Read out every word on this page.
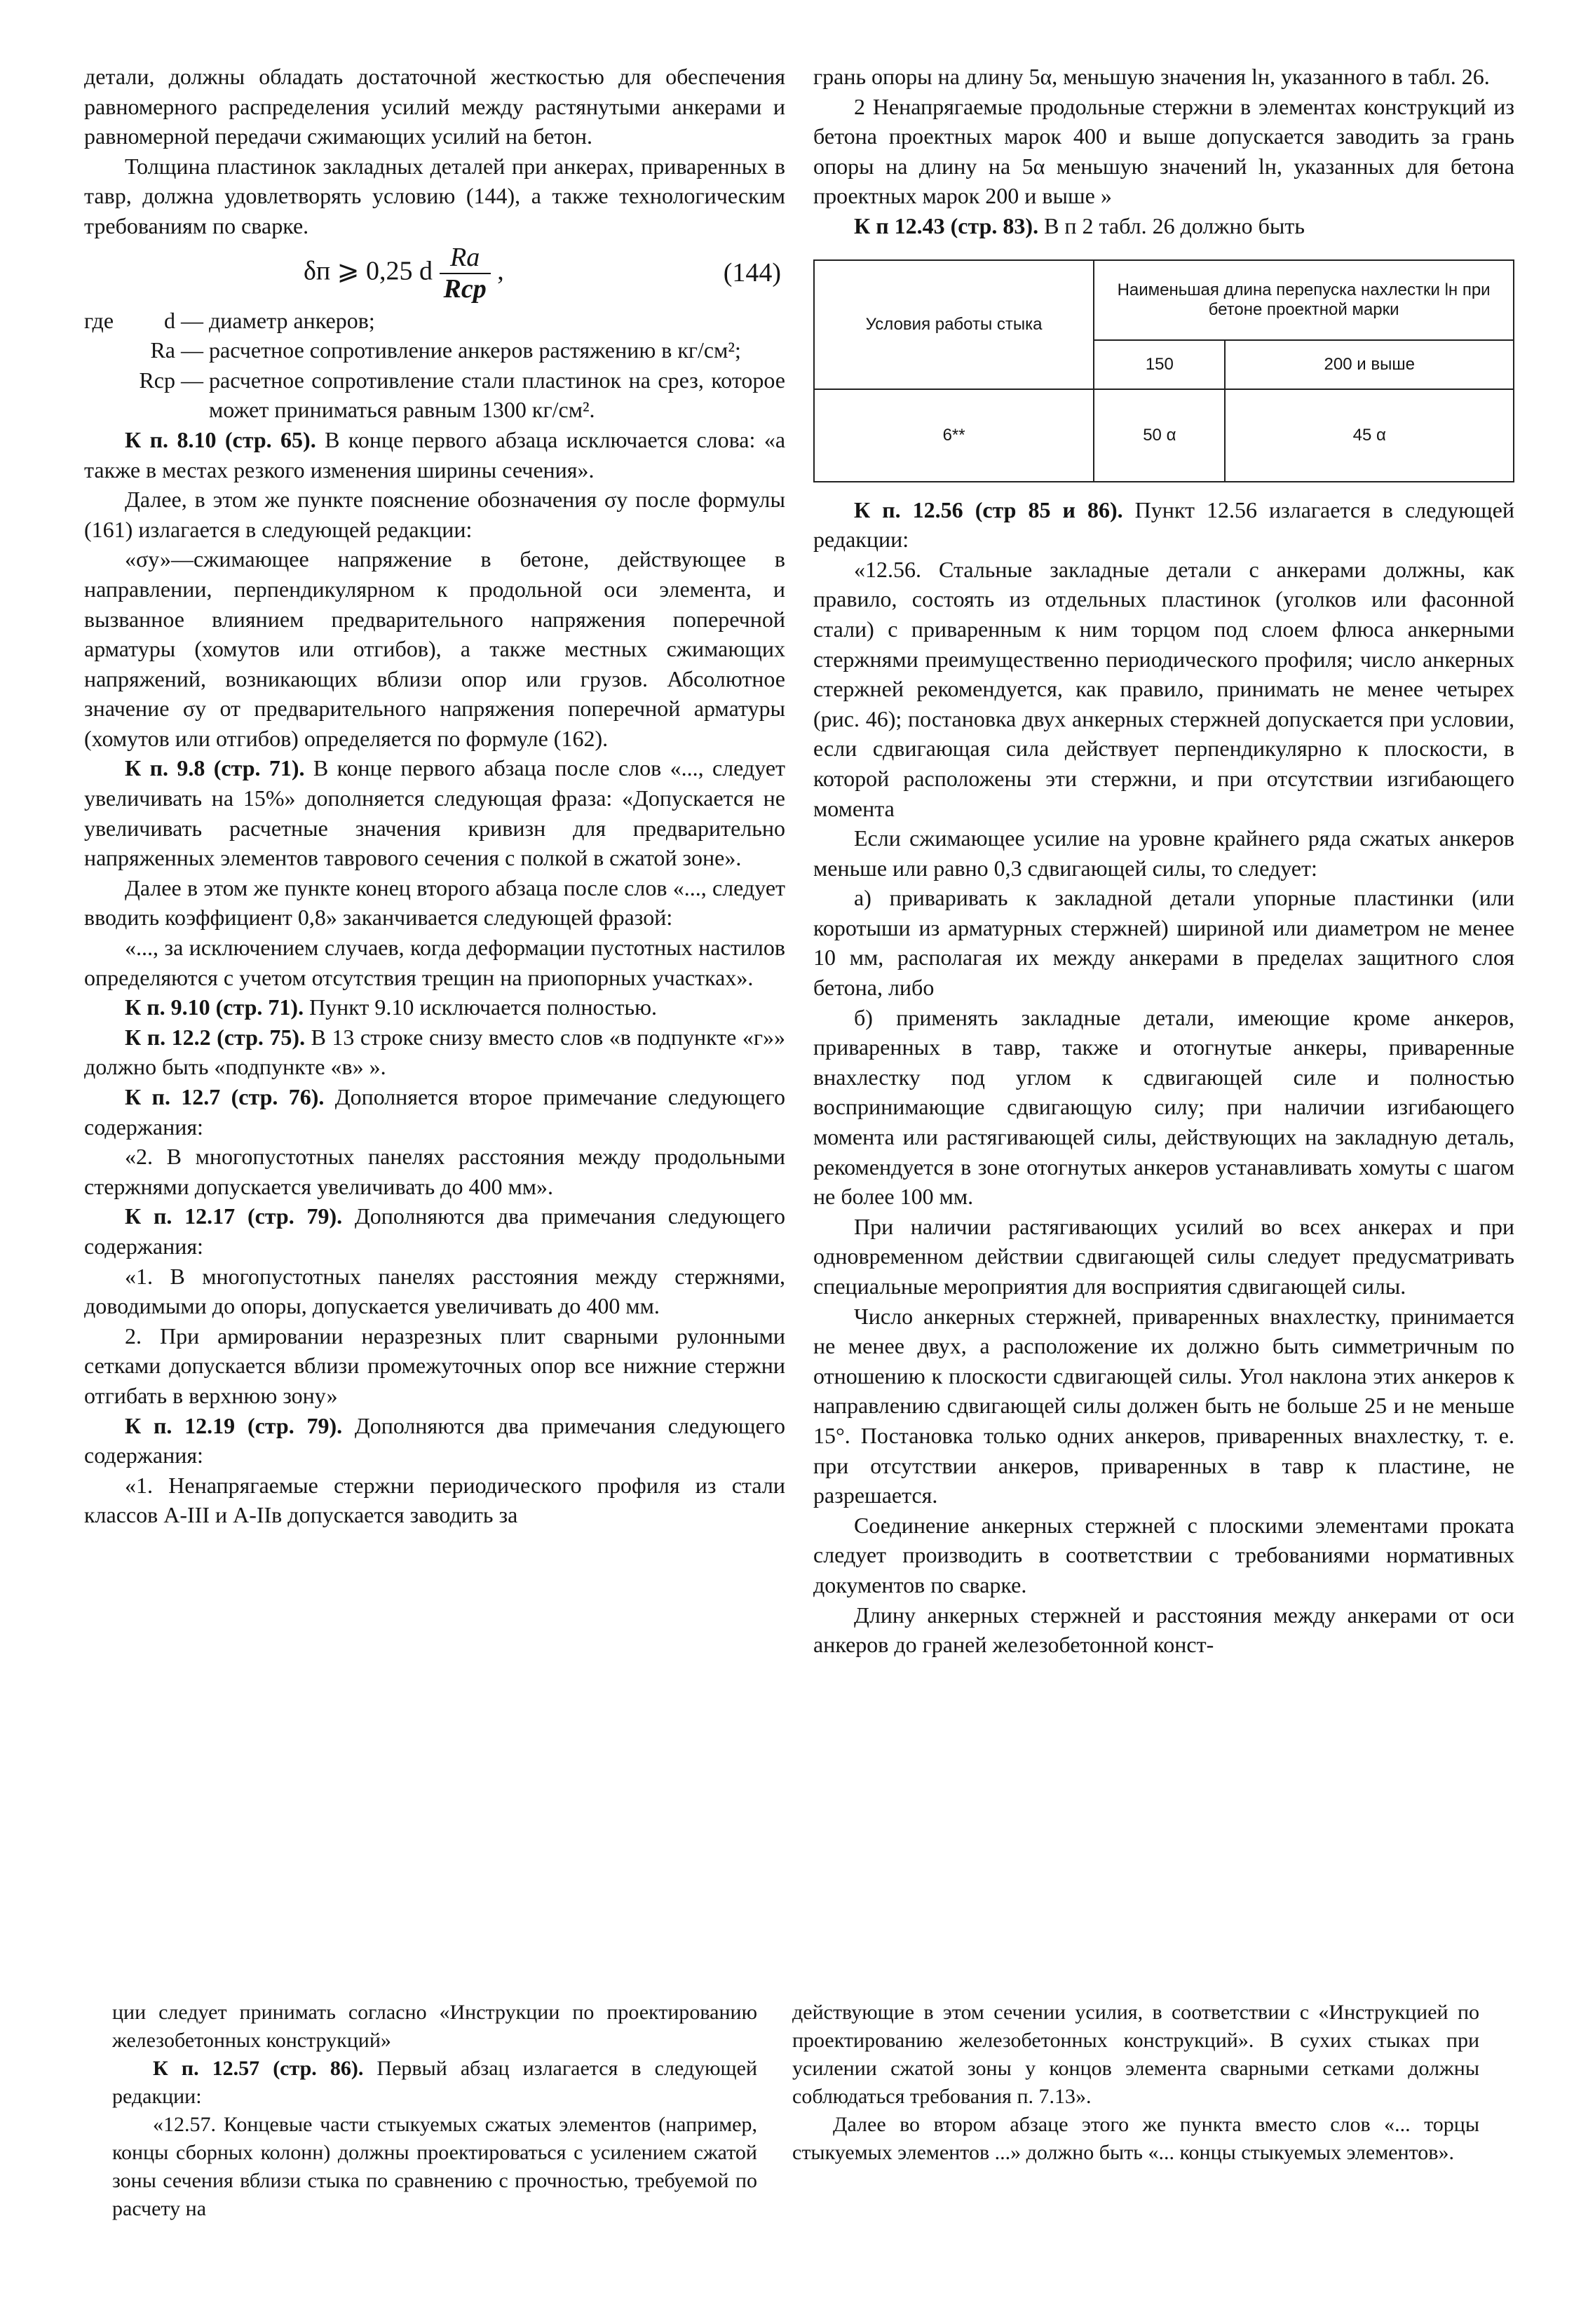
детали, должны обладать достаточной жесткостью для обеспечения равномерного распределения усилий между растянутыми анкерами и равномерной передачи сжимающих усилий на бетон.

Толщина пластинок закладных деталей при анкерах, приваренных в тавр, должна удовлетворять условию (144), а также технологическим требованиям по сварке.

δп ⩾ 0,25 d $\frac{Rа}{\text{Rср}}$ ,	(144)
где d — диаметр анкеров;
Rа — расчетное сопротивление анкеров растяжению в кг/см²;
Rср — расчетное сопротивление стали пластинок на срез, которое может приниматься равным 1300 кг/см².

К п. 8.10 (стр. 65). В конце первого абзаца исключается слова: «а также в местах резкого изменения ширины сечения».

Далее, в этом же пункте пояснение обозначения σу после формулы (161) излагается в следующей редакции:

«σу»—сжимающее напряжение в бетоне, действующее в направлении, перпендикулярном к продольной оси элемента, и вызванное влиянием предварительного напряжения поперечной арматуры (хомутов или отгибов), а также местных сжимающих напряжений, возникающих вблизи опор или грузов. Абсолютное значение σу от предварительного напряжения поперечной арматуры (хомутов или отгибов) определяется по формуле (162).

К п. 9.8 (стр. 71). В конце первого абзаца после слов «..., следует увеличивать на 15%» дополняется следующая фраза: «Допускается не увеличивать расчетные значения кривизн для предварительно напряженных элементов таврового сечения с полкой в сжатой зоне».

Далее в этом же пункте конец второго абзаца после слов «..., следует вводить коэффициент 0,8» заканчивается следующей фразой:

«..., за исключением случаев, когда деформации пустотных настилов определяются с учетом отсутствия трещин на приопорных участках».

К п. 9.10 (стр. 71). Пункт 9.10 исключается полностью.

К п. 12.2 (стр. 75). В 13 строке снизу вместо слов «в подпункте «г»» должно быть «подпункте «в» ».

К п. 12.7 (стр. 76). Дополняется второе примечание следующего содержания:

«2. В многопустотных панелях расстояния между продольными стержнями допускается увеличивать до 400 мм».

К п. 12.17 (стр. 79). Дополняются два примечания следующего содержания:

«1. В многопустотных панелях расстояния между стержнями, доводимыми до опоры, допускается увеличивать до 400 мм.

2. При армировании неразрезных плит сварными рулонными сетками допускается вблизи промежуточных опор все нижние стержни отгибать в верхнюю зону»

К п. 12.19 (стр. 79). Дополняются два примечания следующего содержания:

«1. Ненапрягаемые стержни периодического профиля из стали классов А-III и А-IIв допускается заводить за

грань опоры на длину 5α, меньшую значения lн, указанного в табл. 26.

2 Ненапрягаемые продольные стержни в элементах конструкций из бетона проектных марок 400 и выше допускается заводить за грань опоры на длину на 5α меньшую значений lн, указанных для бетона проектных марок 200 и выше »

К п 12.43 (стр. 83). В п 2 табл. 26 должно быть

Условия работы стыка	Наименьшая длина перепуска нахлестки lн при бетоне проектной марки	
	150	200 и выше
6**	50 α	45 α

К п. 12.56 (стр 85 и 86). Пункт 12.56 излагается в следующей редакции:

«12.56. Стальные закладные детали с анкерами должны, как правило, состоять из отдельных пластинок (уголков или фасонной стали) с приваренным к ним торцом под слоем флюса анкерными стержнями преимущественно периодического профиля; число анкерных стержней рекомендуется, как правило, принимать не менее четырех (рис. 46); постановка двух анкерных стержней допускается при условии, если сдвигающая сила действует перпендикулярно к плоскости, в которой расположены эти стержни, и при отсутствии изгибающего момента

Если сжимающее усилие на уровне крайнего ряда сжатых анкеров меньше или равно 0,3 сдвигающей силы, то следует:

а) приваривать к закладной детали упорные пластинки (или коротыши из арматурных стержней) шириной или диаметром не менее 10 мм, располагая их между анкерами в пределах защитного слоя бетона, либо

б) применять закладные детали, имеющие кроме анкеров, приваренных в тавр, также и отогнутые анкеры, приваренные внахлестку под углом к сдвигающей силе и полностью воспринимающие сдвигающую силу; при наличии изгибающего момента или растягивающей силы, действующих на закладную деталь, рекомендуется в зоне отогнутых анкеров устанавливать хомуты с шагом не более 100 мм.

При наличии растягивающих усилий во всех анкерах и при одновременном действии сдвигающей силы следует предусматривать специальные мероприятия для восприятия сдвигающей силы.

Число анкерных стержней, приваренных внахлестку, принимается не менее двух, а расположение их должно быть симметричным по отношению к плоскости сдвигающей силы. Угол наклона этих анкеров к направлению сдвигающей силы должен быть не больше 25 и не меньше 15°. Постановка только одних анкеров, приваренных внахлестку, т. е. при отсутствии анкеров, приваренных в тавр к пластине, не разрешается.

Соединение анкерных стержней с плоскими элементами проката следует производить в соответствии с требованиями нормативных документов по сварке.

Длину анкерных стержней и расстояния между анкерами от оси анкеров до граней железобетонной конст-

ции следует принимать согласно «Инструкции по проектированию железобетонных конструкций»

К п. 12.57 (стр. 86). Первый абзац излагается в следующей редакции:

«12.57. Концевые части стыкуемых сжатых элементов (например, концы сборных колонн) должны проектироваться с усилением сжатой зоны сечения вблизи стыка по сравнению с прочностью, требуемой по расчету на

действующие в этом сечении усилия, в соответствии с «Инструкцией по проектированию железобетонных конструкций». В сухих стыках при усилении сжатой зоны у концов элемента сварными сетками должны соблюдаться требования п. 7.13».

Далее во втором абзаце этого же пункта вместо слов «... торцы стыкуемых элементов ...» должно быть «... концы стыкуемых элементов».
